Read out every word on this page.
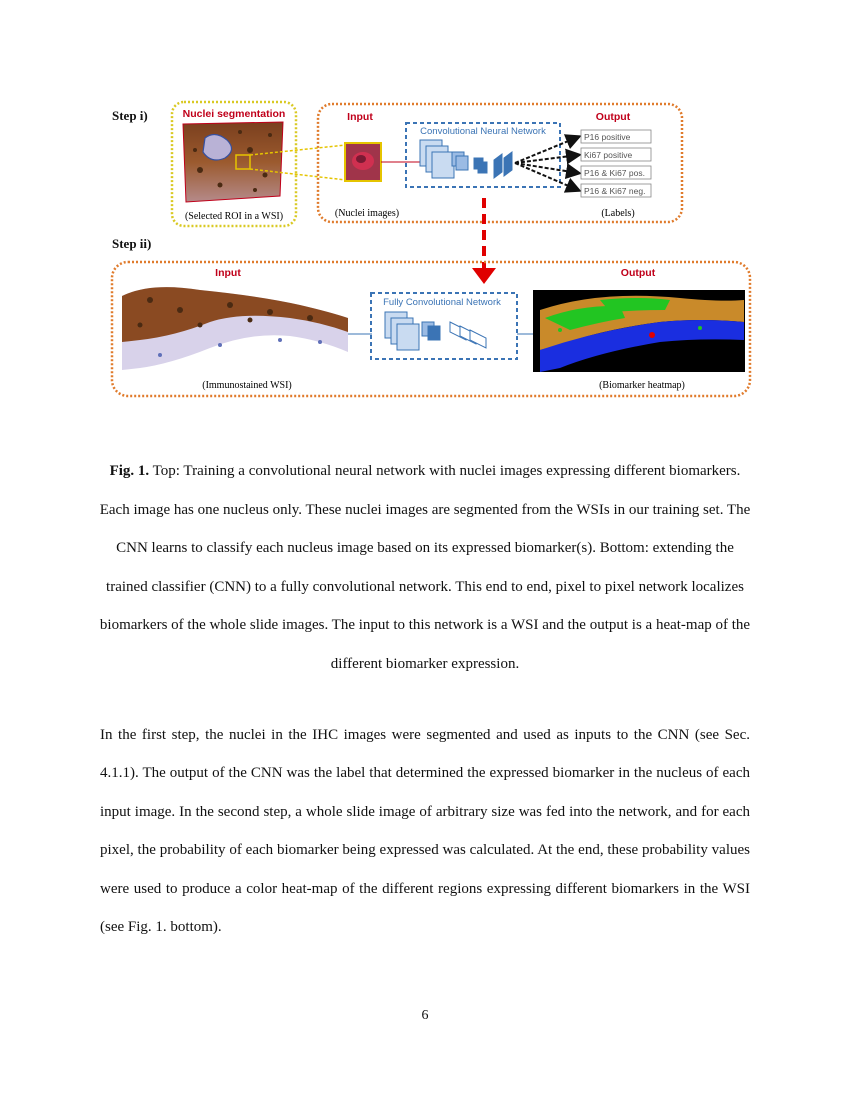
Step i)
Step ii)
Nuclei segmentation
(Selected ROI in a WSI)
Input	Output
Convolutional Neural Network	P16 positive
Ki67 positive
P16 & Ki67 pos.
P16 & Ki67 neg.
(Nuclei images)	(Labels)
Input	Output
Fully Convolutional Network
(Immunostained WSI)	(Biomarker heatmap)
Fig. 1. Top: Training a convolutional neural network with nuclei images expressing different biomarkers. Each image has one nucleus only. These nuclei images are segmented from the WSIs in our training set. The CNN learns to classify each nucleus image based on its expressed biomarker(s). Bottom: extending the trained classifier (CNN) to a fully convolutional network. This end to end, pixel to pixel network localizes biomarkers of the whole slide images. The input to this network is a WSI and the output is a heat-map of the different biomarker expression.
In the first step, the nuclei in the IHC images were segmented and used as inputs to the CNN (see Sec. 4.1.1). The output of the CNN was the label that determined the expressed biomarker in the nucleus of each input image. In the second step, a whole slide image of arbitrary size was fed into the network, and for each pixel, the probability of each biomarker being expressed was calculated. At the end, these probability values were used to produce a color heat-map of the different regions expressing different biomarkers in the WSI (see Fig. 1. bottom).
6
